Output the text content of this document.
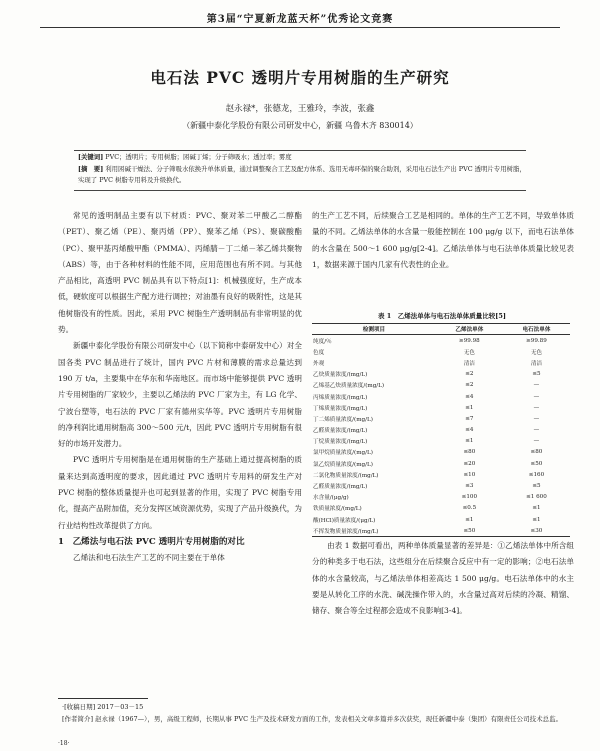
第3届“宁夏新龙蓝天杯”优秀论文竞赛
电石法 PVC 透明片专用树脂的生产研究
赵永禄*，张德龙，王雅玲，李波，张鑫
（新疆中泰化学股份有限公司研发中心，新疆 乌鲁木齐 830014）
[关键词] PVC；透明片；专用树脂；困碱丁烯；分子筛吸水；透过率；雾度
[摘　要] 利用困碱干燥法、分子筛吸水依换升单体质量，通过调整聚合工艺及配方体系、选用无毒环保的聚合助剂，采用电石法生产出 PVC 透明片专用树脂，实现了 PVC 树脂专用料及升级换代。

常见的透明制品主要有以下材质：PVC、聚对苯二甲酸乙二醇酯（PET）、聚乙烯（PE）、聚丙烯（PP）、聚苯乙烯（PS）、聚碳酸酯（PC）、聚甲基丙烯酸甲酯（PMMA）、丙烯腈－丁二烯－苯乙烯共聚物（ABS）等，由于各种材料的性能不同，应用范围也有所不同。与其他产品相比，高透明 PVC 制品具有以下特点[1]：机械强度好，生产成本低，硬软度可以根据生产配方进行调控；对油墨有良好的吸附性，这是其他树脂没有的性质。因此，采用 PVC 树脂生产透明制品有非常明显的优势。

新疆中泰化学股份有限公司研发中心（以下简称中泰研发中心）对全国各类 PVC 制品进行了统计，国内 PVC 片材和薄膜的需求总量达到 190 万 t/a，主要集中在华东和华南地区。而市场中能够提供 PVC 透明片专用树脂的厂家较少，主要以乙烯法的 PVC 厂家为主，有 LG 化学、宁波台塑等，电石法的 PVC 厂家有德州实华等。PVC 透明片专用树脂的净利润比通用树脂高 300～500 元/t，因此 PVC 透明片专用树脂有很好的市场开发潜力。

PVC 透明片专用树脂是在通用树脂的生产基础上通过提高树脂的质量来达到高透明度的要求，因此通过 PVC 透明片专用料的研发生产对 PVC 树脂的整体质量提升也可起到显著的作用，实现了 PVC 树脂专用化，提高产品附加值，充分发挥区域资源优势，实现了产品升级换代，为行业结构性改革提供了方向。

1　乙烯法与电石法 PVC 透明片专用树脂的对比

乙烯法和电石法生产工艺的不同主要在于单体

的生产工艺不同，后续聚合工艺是相同的。单体的生产工艺不同，导致单体质量的不同。乙烯法单体的水含量一般能控制在 100 μg/g 以下，而电石法单体的水含量在 500～1 600 μg/g[2-4]。乙烯法单体与电石法单体质量比较见表 1，数据来源于国内几家有代表性的企业。

表 1　乙烯法单体与电石法单体质量比较[5]
检测项目	乙烯法单体	电石法单体
纯度/％	≥99.98	≥99.89
色度	无色	无色
外观	清洁	清洁
乙炔质量浓度/(mg/L)	≤2	≤5
乙烯基乙炔质量浓度/(mg/L)	≤2	—
丙烯质量浓度/(mg/L)	≤4	—
丁烯质量浓度/(mg/L)	≤1	—
丁二烯质量浓度/(mg/L)	≤7	—
乙醛质量浓度/(mg/L)	≤4	—
丁烷质量浓度/(mg/L)	≤1	—
氯甲烷质量浓度/(mg/L)	≤80	≤80
氯乙烷质量浓度/(mg/L)	≤20	≤50
二氯化物质量浓度/(mg/L)	≤10	≤160
乙醛质量浓度/(mg/L)	≤3	≤5
水含量/(μg/g)	≤100	≤1 600
铁质量浓度/(mg/L)	≤0.5	≤1
酸(HCl)质量浓度/(μg/L)	≤1	≤1
不挥发物质量浓度/(mg/L)	≤50	≤30

由表 1 数据可看出，两种单体质量显著的差异是：①乙烯法单体中所含组分的种类多于电石法，这些组分在后续聚合反应中有一定的影响；②电石法单体的水含量较高，与乙烯法单体相差高达 1 500 μg/g。电石法单体中的水主要是从转化工序的水洗、碱洗操作带入的，水含量过高对后续的冷凝、精馏、储存、聚合等全过程都会造成不良影响[3-4]。

·[收稿日期] 2017－03－15
[作者简介] 赵永禄（1967—），男，高级工程师，长期从事 PVC 生产及技术研发方面的工作，发表相关文章多篇并多次获奖，现任新疆中泰（集团）有限责任公司技术总监。
·18·
